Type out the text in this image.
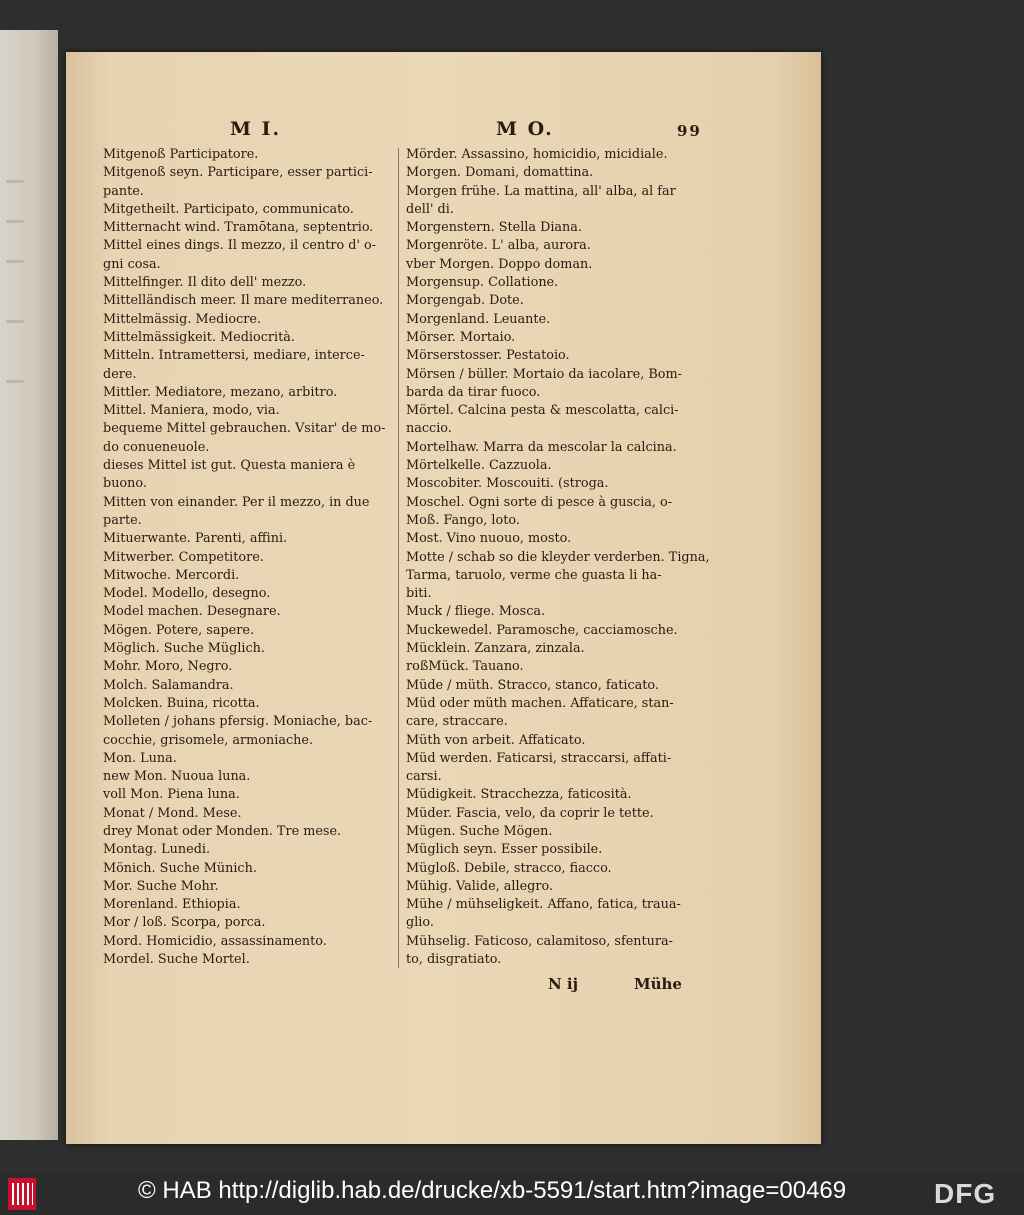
M I.	M O.	99
Mitgenoß Participatore.
Mitgenoß seyn. Participare, esser partici-
pante.
Mitgetheilt. Participato, communicato.
Mitternacht wind. Tramōtana, septentrio.
Mittel eines dings. Il mezzo, il centro d' o-
gni cosa.
Mittelfinger. Il dito dell' mezzo.
Mittelländisch meer. Il mare mediterraneo.
Mittelmässig. Mediocre.
Mittelmässigkeit. Mediocrità.
Mitteln. Intramettersi, mediare, interce-
dere.
Mittler. Mediatore, mezano, arbitro.
Mittel. Maniera, modo, via.
bequeme Mittel gebrauchen. Vsitar' de mo-
do conueneuole.
dieses Mittel ist gut. Questa maniera è
buono.
Mitten von einander. Per il mezzo, in due
parte.
Mituerwante. Parenti, affini.
Mitwerber. Competitore.
Mitwoche. Mercordi.
Model. Modello, desegno.
Model machen. Desegnare.
Mögen. Potere, sapere.
Möglich. Suche Müglich.
Mohr. Moro, Negro.
Molch. Salamandra.
Molcken. Buina, ricotta.
Molleten / johans pfersig. Moniache, bac-
cocchie, grisomele, armoniache.
Mon. Luna.
new Mon. Nuoua luna.
voll Mon. Piena luna.
Monat / Mond. Mese.
drey Monat oder Monden. Tre mese.
Montag. Lunedi.
Mönich. Suche Münich.
Mor. Suche Mohr.
Morenland. Ethiopia.
Mor / loß. Scorpa, porca.
Mord. Homicidio, assassinamento.
Mordel. Suche Mortel.
Mörder. Assassino, homicidio, micidiale.
Morgen. Domani, domattina.
Morgen frühe. La mattina, all' alba, al far
dell' di.
Morgenstern. Stella Diana.
Morgenröte. L' alba, aurora.
vber Morgen. Doppo doman.
Morgensup. Collatione.
Morgengab. Dote.
Morgenland. Leuante.
Mörser. Mortaio.
Mörserstosser. Pestatoio.
Mörsen / büller. Mortaio da iacolare, Bom-
barda da tirar fuoco.
Mörtel. Calcina pesta & mescolatta, calci-
naccio.
Mortelhaw. Marra da mescolar la calcina.
Mörtelkelle. Cazzuola.
Moscobiter. Moscouiti. (stroga.
Moschel. Ogni sorte di pesce à guscia, o-
Moß. Fango, loto.
Most. Vino nuouo, mosto.
Motte / schab so die kleyder verderben. Tigna,
Tarma, taruolo, verme che guasta li ha-
biti.
Muck / fliege. Mosca.
Muckewedel. Paramosche, cacciamosche.
Mücklein. Zanzara, zinzala.
roßMück. Tauano.
Müde / müth. Stracco, stanco, faticato.
Müd oder müth machen. Affaticare, stan-
care, straccare.
Müth von arbeit. Affaticato.
Müd werden. Faticarsi, straccarsi, affati-
carsi.
Müdigkeit. Stracchezza, faticosità.
Müder. Fascia, velo, da coprir le tette.
Mügen. Suche Mögen.
Müglich seyn. Esser possibile.
Mügloß. Debile, stracco, fiacco.
Mühig. Valide, allegro.
Mühe / mühseligkeit. Affano, fatica, traua-
glio.
Mühselig. Faticoso, calamitoso, sfentura-
to, disgratiato.
N ij	Mühe
© HAB http://diglib.hab.de/drucke/xb-5591/start.htm?image=00469	DFG
